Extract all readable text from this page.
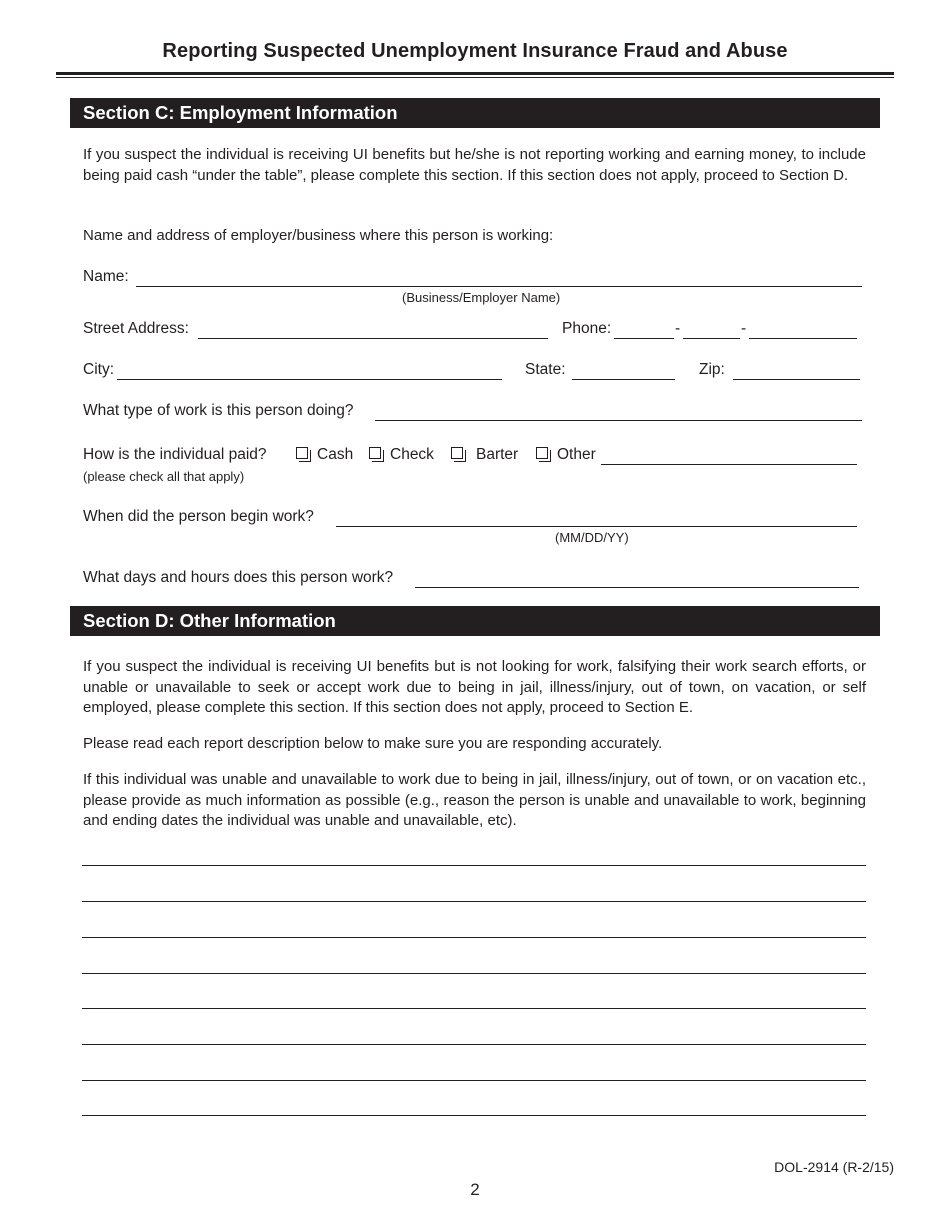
Reporting Suspected Unemployment Insurance Fraud and Abuse
Section C: Employment Information
If you suspect the individual is receiving UI benefits but he/she is not reporting working and earning money, to include being paid cash “under the table”, please complete this section. If this section does not apply, proceed to Section D.
Name and address of employer/business where this person is working:
Name:
(Business/Employer Name)
Street Address:	Phone:	-	-
City:	State:	Zip:
What type of work is this person doing?
How is the individual paid?	Cash Check	Barter	Other
(please check all that apply)
When did the person begin work?
(MM/DD/YY)
What days and hours does this person work?
Section D: Other Information
If you suspect the individual is receiving UI benefits but is not looking for work, falsifying their work search efforts, or unable or unavailable to seek or accept work due to being in jail, illness/injury, out of town, on vacation, or self employed, please complete this section. If this section does not apply, proceed to Section E.
Please read each report description below to make sure you are responding accurately.
If this individual was unable and unavailable to work due to being in jail, illness/injury, out of town, or on vacation etc., please provide as much information as possible (e.g., reason the person is unable and unavailable to work, beginning and ending dates the individual was unable and unavailable, etc).
DOL-2914 (R-2/15)
2
